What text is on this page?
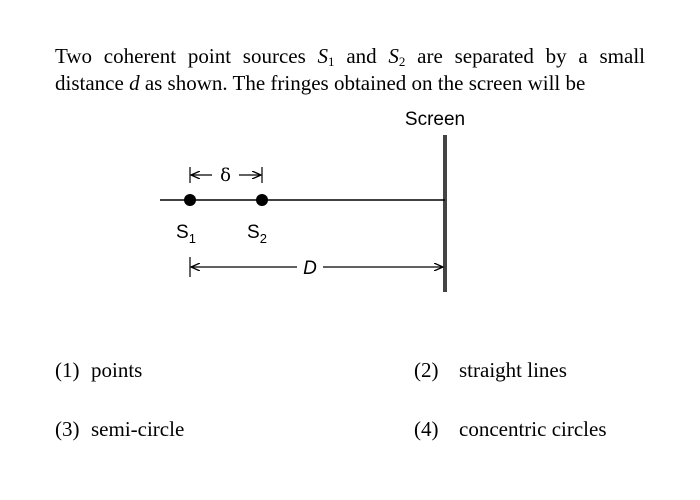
Two coherent point sources $S_1$ and $S_2$ are separated by a small distance d as shown. The fringes obtained on the screen will be
Screen
δ
$S_1$	$S_2$
D
(1) points	(2) straight lines
(3) semi-circle	(4) concentric circles
